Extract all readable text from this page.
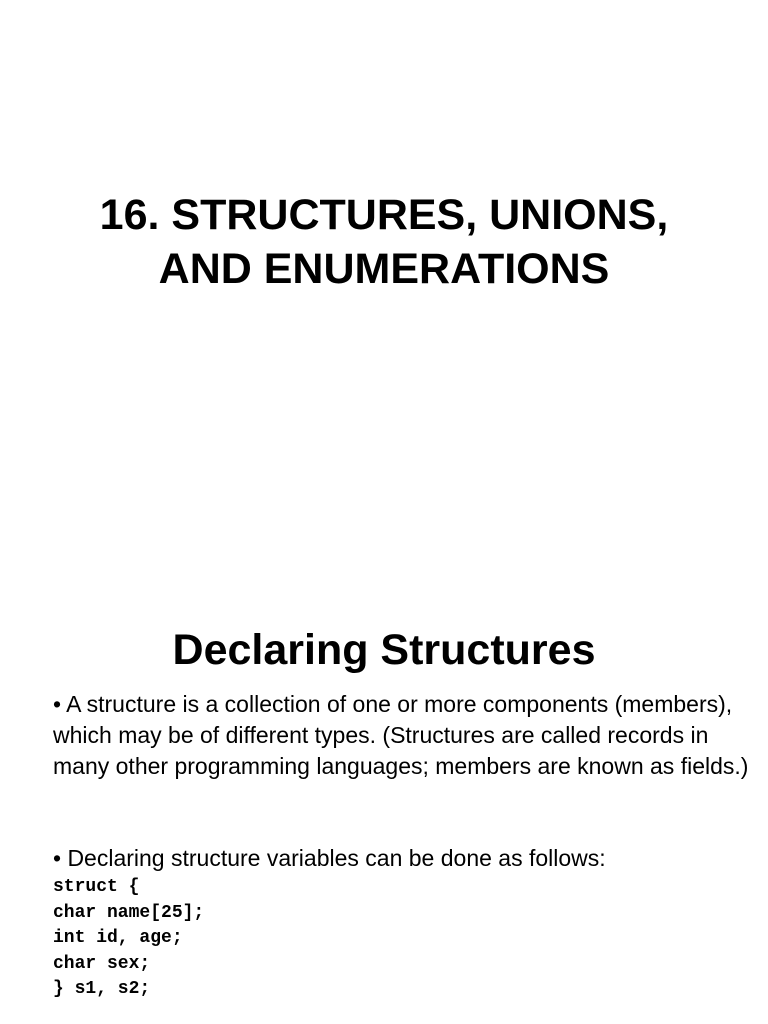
16. STRUCTURES, UNIONS,
AND ENUMERATIONS
Declaring Structures

• A structure is a collection of one or more components (members), which may be of different types. (Structures are called records in many other programming languages; members are known as fields.)

• Declaring structure variables can be done as follows:

struct {
char name[25];
int id, age;
char sex;
} s1, s2;
